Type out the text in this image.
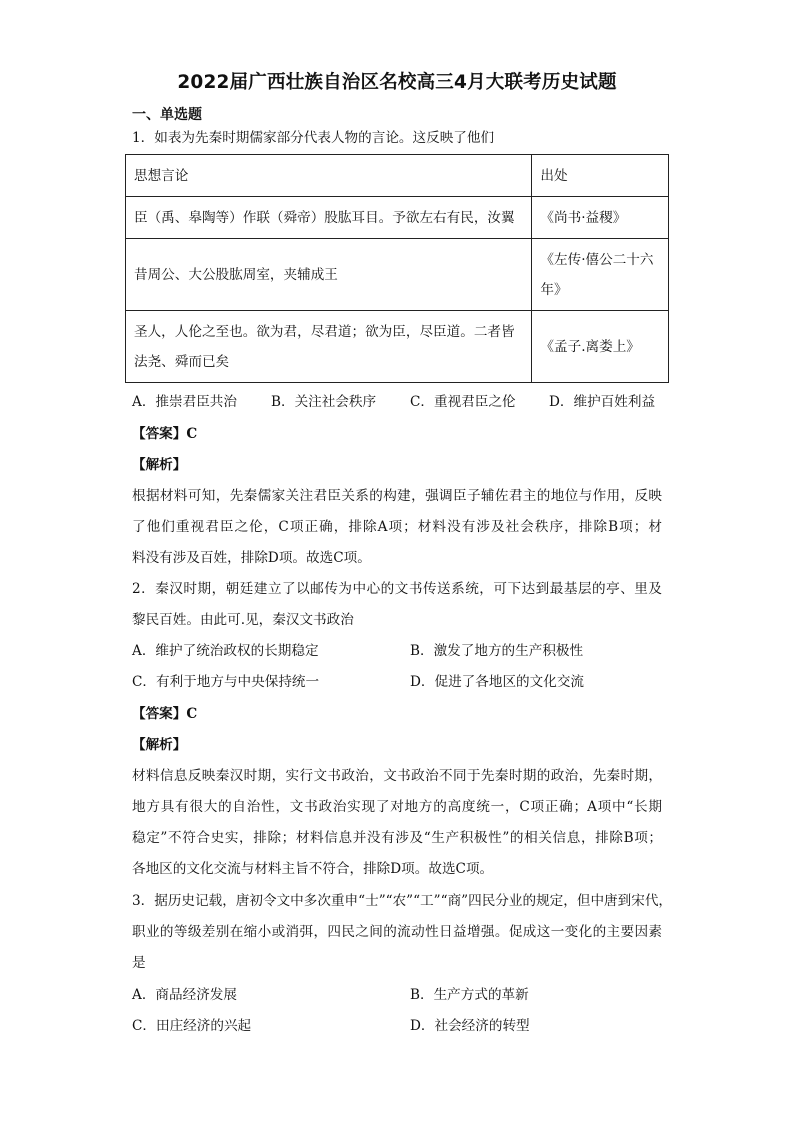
2022届广西壮族自治区名校高三4月大联考历史试题
一、单选题
1．如表为先秦时期儒家部分代表人物的言论。这反映了他们
思想言论	出处
臣（禹、皋陶等）作联（舜帝）股肱耳目。予欲左右有民，汝翼	《尚书·益稷》
昔周公、大公股肱周室，夹辅成王	《左传·僖公二十六
年》

圣人，人伦之至也。欲为君，尽君道；欲为臣，尽臣道。二者皆
法尧、舜而已矣	《孟子.离娄上》
A．推崇君臣共治	B．关注社会秩序 C．重视君臣之伦 D．维护百姓利益
【答案】C
【解析】
根据材料可知，先秦儒家关注君臣关系的构建，强调臣子辅佐君主的地位与作用，反映
了他们重视君臣之伦，C项正确，排除A项；材料没有涉及社会秩序，排除B项；材
料没有涉及百姓，排除D项。故选C项。
2．秦汉时期，朝廷建立了以邮传为中心的文书传送系统，可下达到最基层的亭、里及
黎民百姓。由此可.见，秦汉文书政治
A．维护了统治政权的长期稳定	B．激发了地方的生产积极性
C．有利于地方与中央保持统一	D．促进了各地区的文化交流
【答案】C
【解析】
材料信息反映秦汉时期，实行文书政治，文书政治不同于先秦时期的政治，先秦时期，
地方具有很大的自治性，文书政治实现了对地方的高度统一，C项正确；A项中“长期
稳定”不符合史实，排除；材料信息并没有涉及“生产积极性”的相关信息，排除B项；
各地区的文化交流与材料主旨不符合，排除D项。故选C项。
3．据历史记载，唐初令文中多次重申“士”“农”“工”“商”四民分业的规定，但中唐到宋代，
职业的等级差别在缩小或消弭，四民之间的流动性日益增强。促成这一变化的主要因素
是
A．商品经济发展	B．生产方式的革新
C．田庄经济的兴起	D．社会经济的转型
